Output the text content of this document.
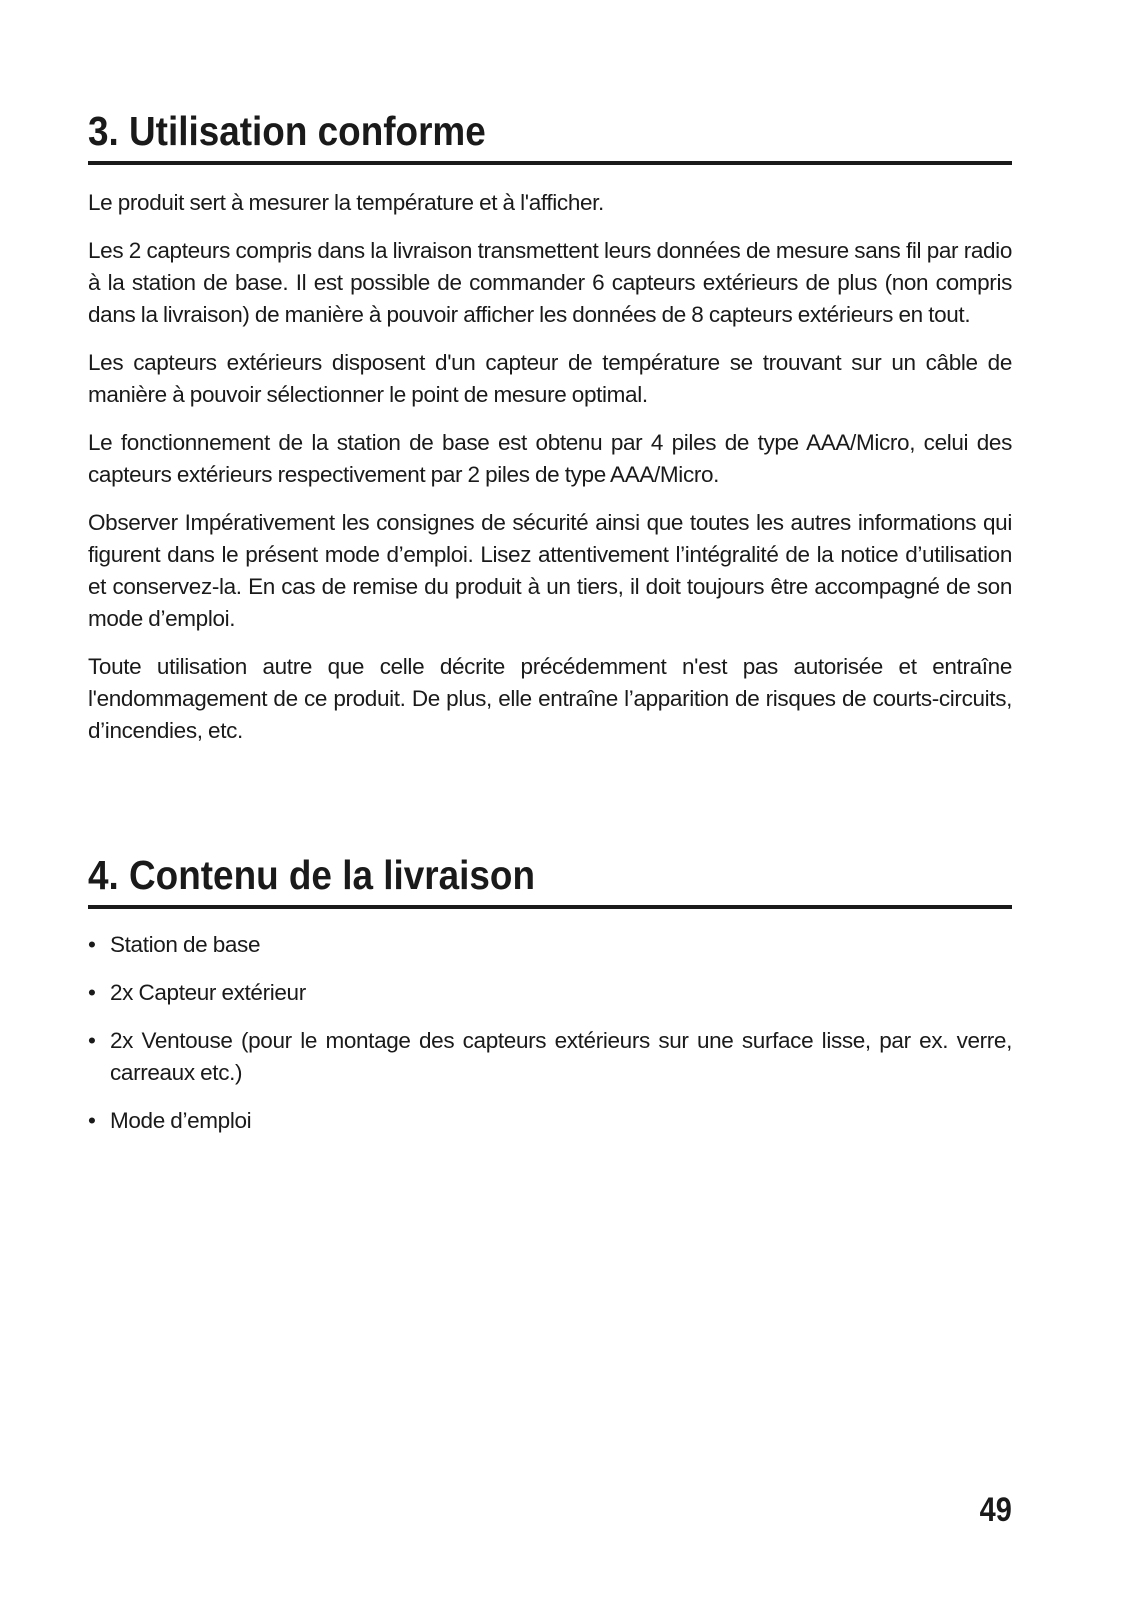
3. Utilisation conforme

Le produit sert à mesurer la température et à l'afficher.

Les 2 capteurs compris dans la livraison transmettent leurs données de mesure sans fil par radio à la station de base. Il est possible de commander 6 capteurs extérieurs de plus (non compris dans la livraison) de manière à pouvoir afficher les données de 8 capteurs extérieurs en tout.

Les capteurs extérieurs disposent d'un capteur de température se trouvant sur un câble de manière à pouvoir sélectionner le point de mesure optimal.

Le fonctionnement de la station de base est obtenu par 4 piles de type AAA/Micro, celui des capteurs extérieurs respectivement par 2 piles de type AAA/Micro.

Observer Impérativement les consignes de sécurité ainsi que toutes les autres informations qui figurent dans le présent mode d’emploi. Lisez attentivement l’intégralité de la notice d’utilisation et conservez-la. En cas de remise du produit à un tiers, il doit toujours être accompagné de son mode d’emploi.

Toute utilisation autre que celle décrite précédemment n'est pas autorisée et entraîne l'endommagement de ce produit. De plus, elle entraîne l’apparition de risques de courts-circuits, d’incendies, etc.

4. Contenu de la livraison
• Station de base
• 2x Capteur extérieur
• 2x Ventouse (pour le montage des capteurs extérieurs sur une surface lisse, par ex. verre, carreaux etc.)
• Mode d’emploi
49
